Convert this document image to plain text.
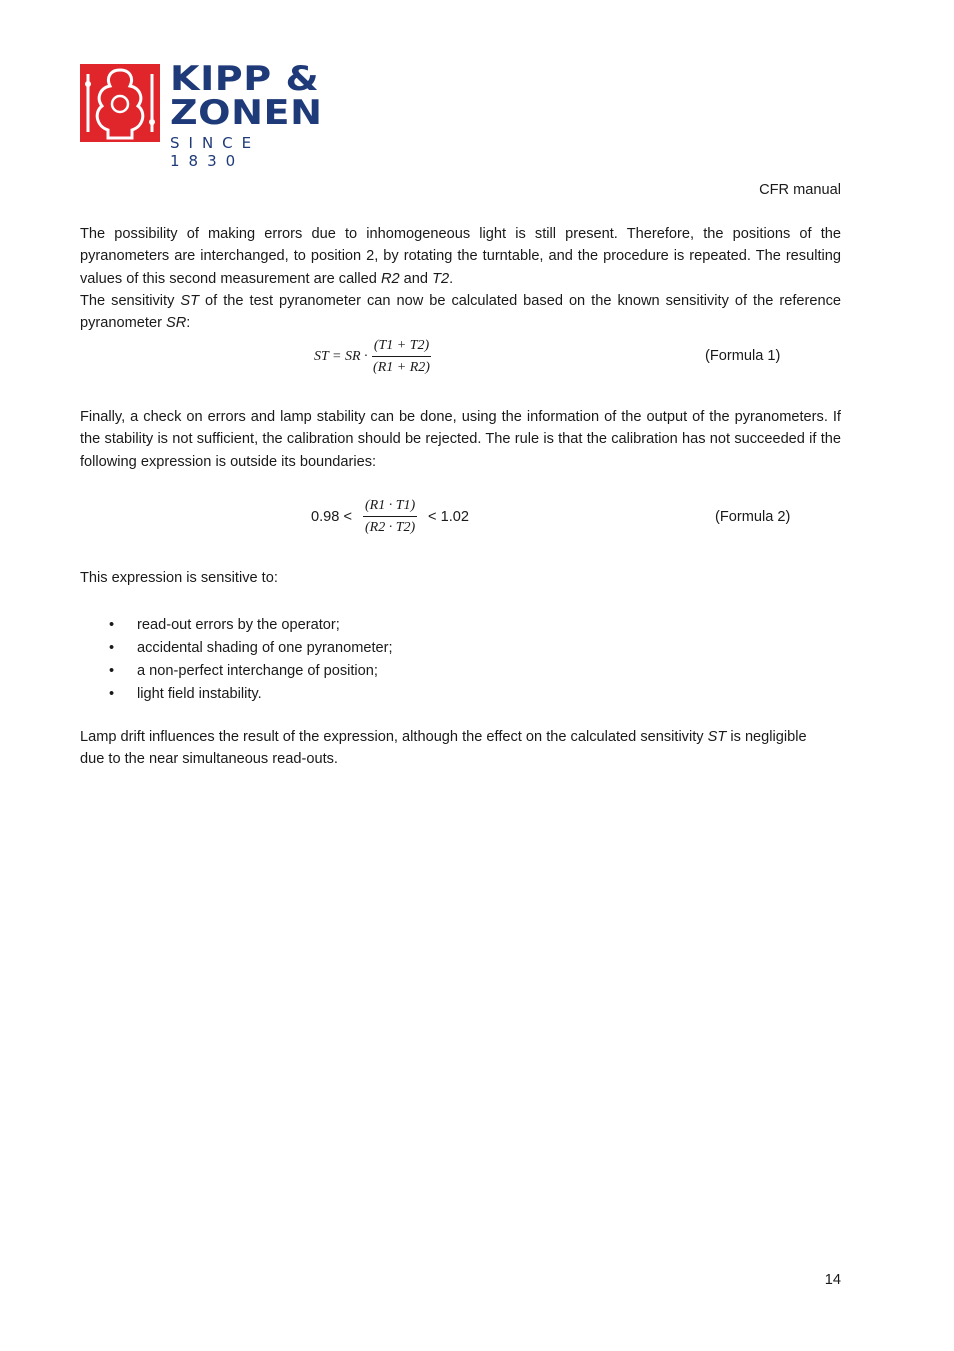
KIPP &
ZONEN
SINCE 1830
CFR manual

The possibility of making errors due to inhomogeneous light is still present. Therefore, the positions of the pyranometers are interchanged, to position 2, by rotating the turntable, and the procedure is repeated. The resulting values of this second measurement are called R2 and T2.

The sensitivity ST of the test pyranometer can now be calculated based on the known sensitivity of the reference pyranometer SR:

ST = SR · $\frac{(T1 + T2)}{(R1 + R2)}$	(Formula 1)

Finally, a check on errors and lamp stability can be done, using the information of the output of the pyranometers. If the stability is not sufficient, the calibration should be rejected. The rule is that the calibration has not succeeded if the following expression is outside its boundaries:

$0.98 < \frac{(R1 \cdot T1)}{(R2 \cdot T2)} < 1.02$	(Formula 2)

This expression is sensitive to:

• read-out errors by the operator;
• accidental shading of one pyranometer;
• a non-perfect interchange of position;
• light field instability.

Lamp drift influences the result of the expression, although the effect on the calculated sensitivity ST is negligible due to the near simultaneous read-outs.

14
